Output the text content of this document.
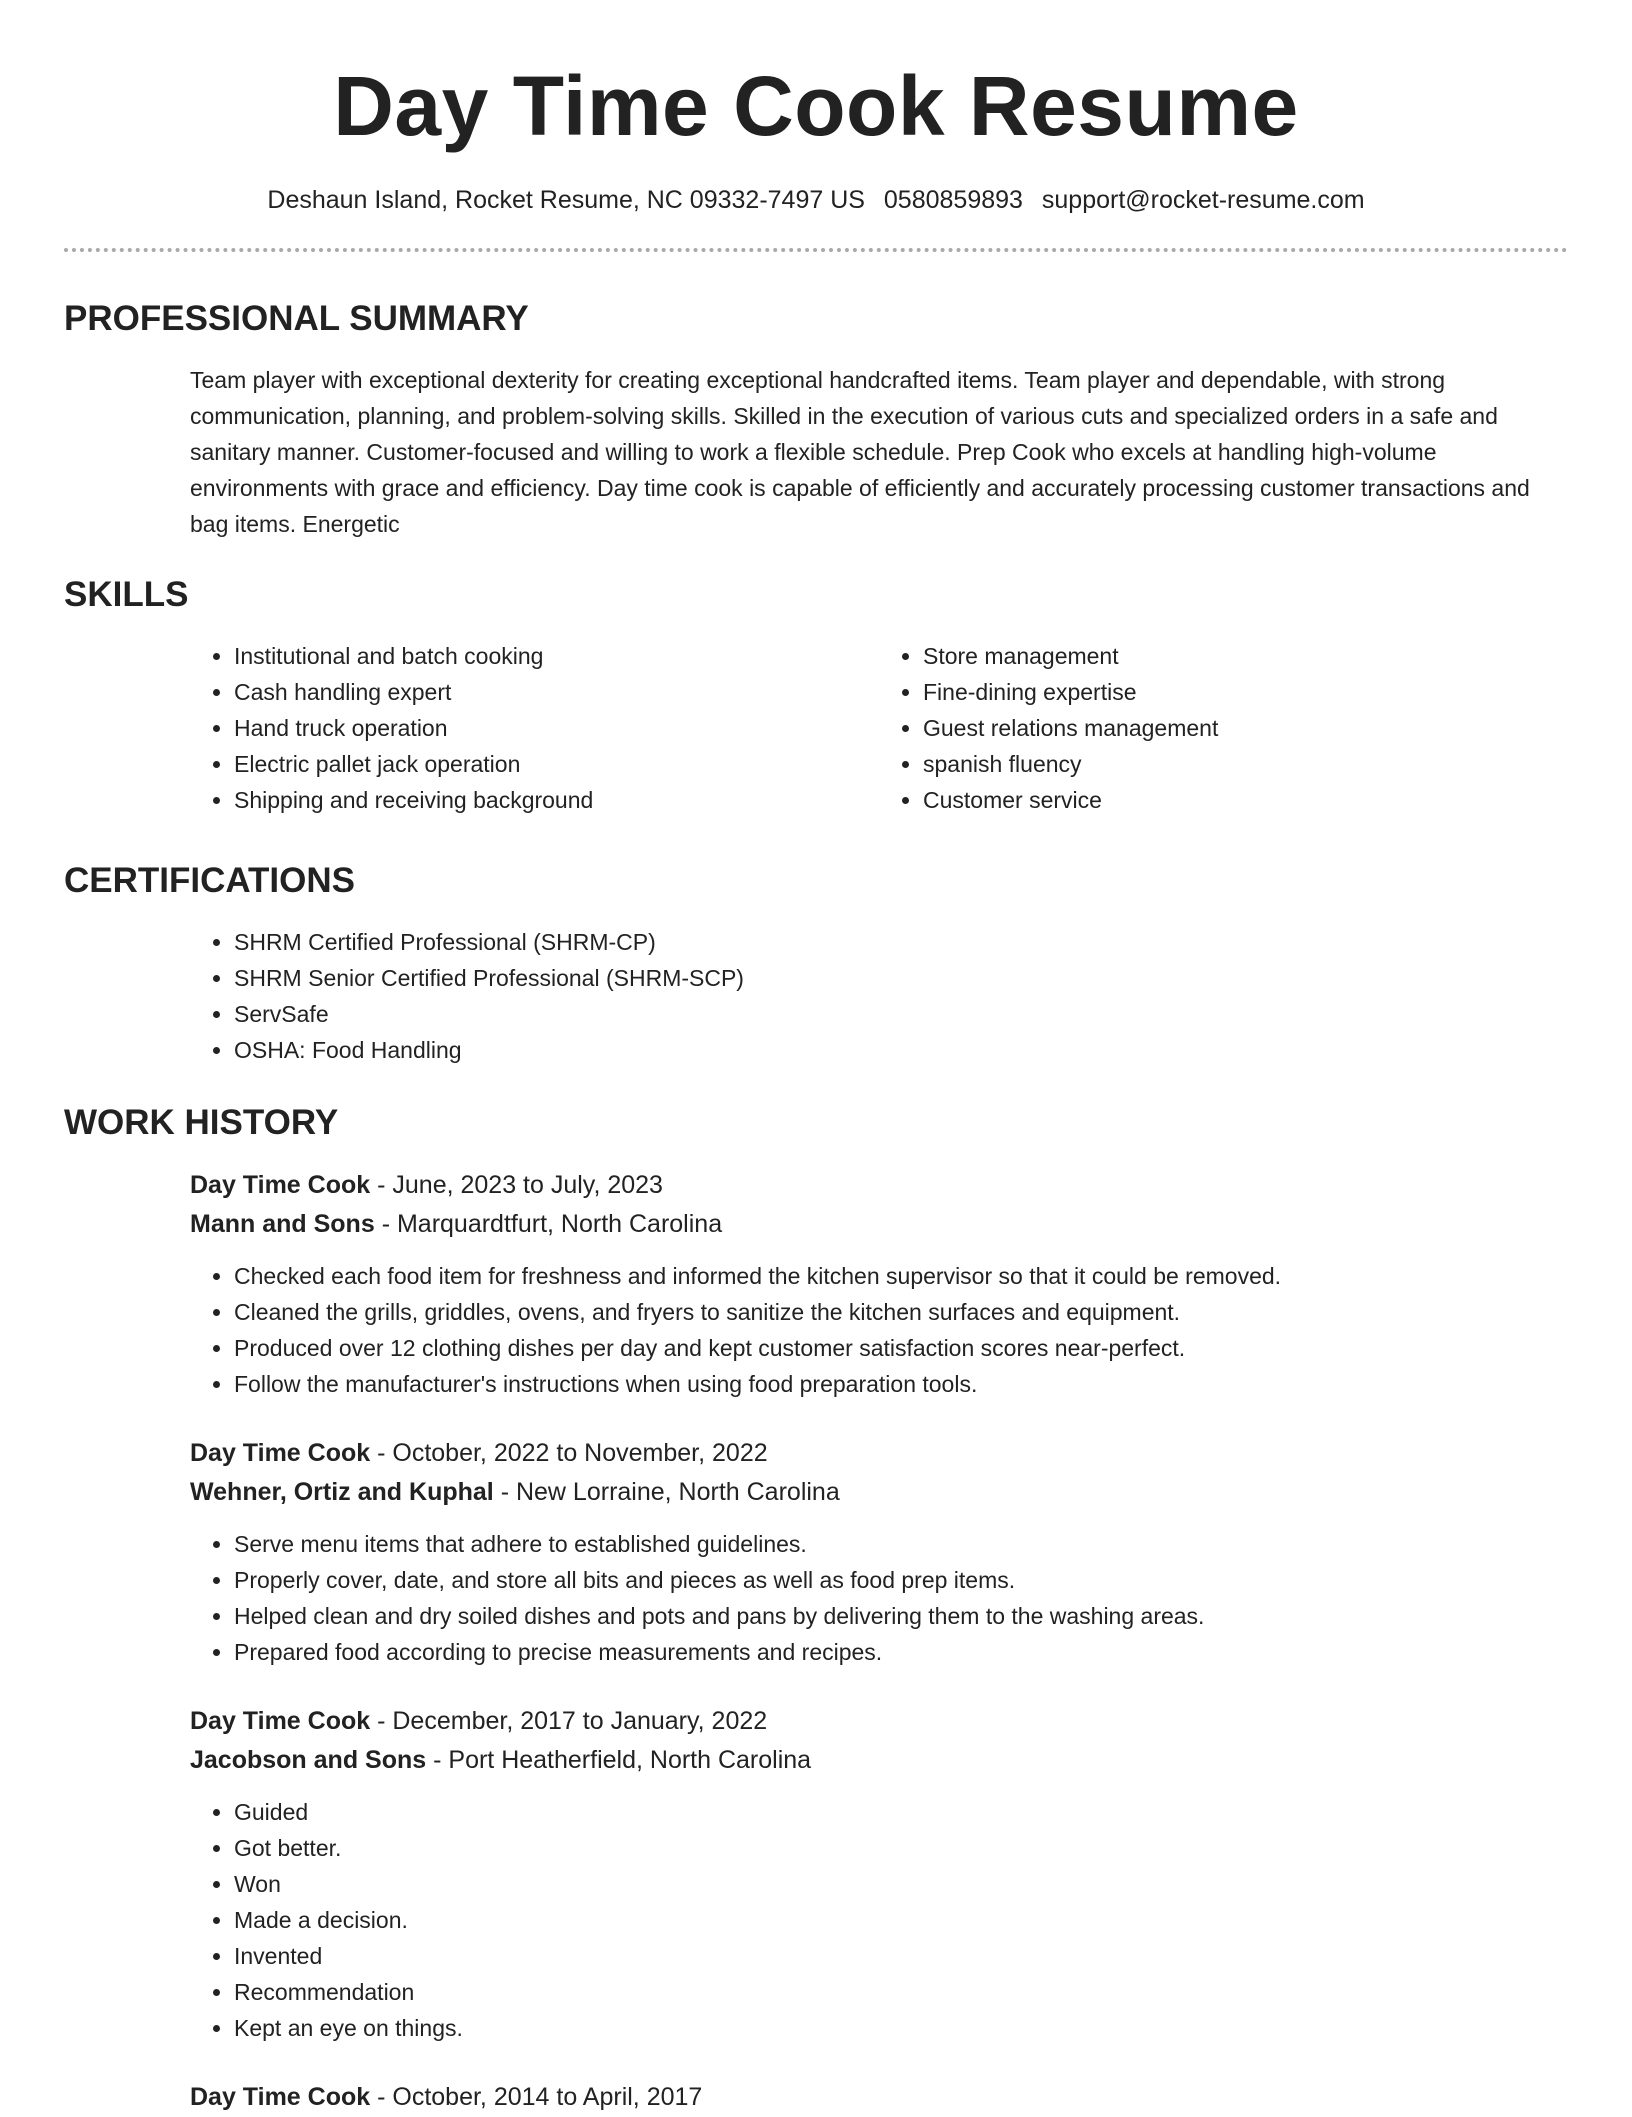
Day Time Cook Resume
Deshaun Island, Rocket Resume, NC 09332-7497 US 0580859893 support@rocket-resume.com
PROFESSIONAL SUMMARY

Team player with exceptional dexterity for creating exceptional handcrafted items. Team player and dependable, with strong communication, planning, and problem-solving skills. Skilled in the execution of various cuts and specialized orders in a safe and sanitary manner. Customer-focused and willing to work a flexible schedule. Prep Cook who excels at handling high-volume environments with grace and efficiency. Day time cook is capable of efficiently and accurately processing customer transactions and bag items. Energetic

SKILLS
• Institutional and batch cooking
• Cash handling expert
• Hand truck operation
• Electric pallet jack operation
• Shipping and receiving background
• Store management
• Fine-dining expertise
• Guest relations management
• spanish fluency
• Customer service
CERTIFICATIONS
• SHRM Certified Professional (SHRM-CP)
• SHRM Senior Certified Professional (SHRM-SCP)
• ServSafe
• OSHA: Food Handling
WORK HISTORY
Day Time Cook - June, 2023 to July, 2023
Mann and Sons - Marquardtfurt, North Carolina
• Checked each food item for freshness and informed the kitchen supervisor so that it could be removed.
• Cleaned the grills, griddles, ovens, and fryers to sanitize the kitchen surfaces and equipment.
• Produced over 12 clothing dishes per day and kept customer satisfaction scores near-perfect.
• Follow the manufacturer's instructions when using food preparation tools.
Day Time Cook - October, 2022 to November, 2022
Wehner, Ortiz and Kuphal - New Lorraine, North Carolina
• Serve menu items that adhere to established guidelines.
• Properly cover, date, and store all bits and pieces as well as food prep items.
• Helped clean and dry soiled dishes and pots and pans by delivering them to the washing areas.
• Prepared food according to precise measurements and recipes.
Day Time Cook - December, 2017 to January, 2022
Jacobson and Sons - Port Heatherfield, North Carolina
• Guided
• Got better.
• Won
• Made a decision.
• Invented
• Recommendation
• Kept an eye on things.
Day Time Cook - October, 2014 to April, 2017
